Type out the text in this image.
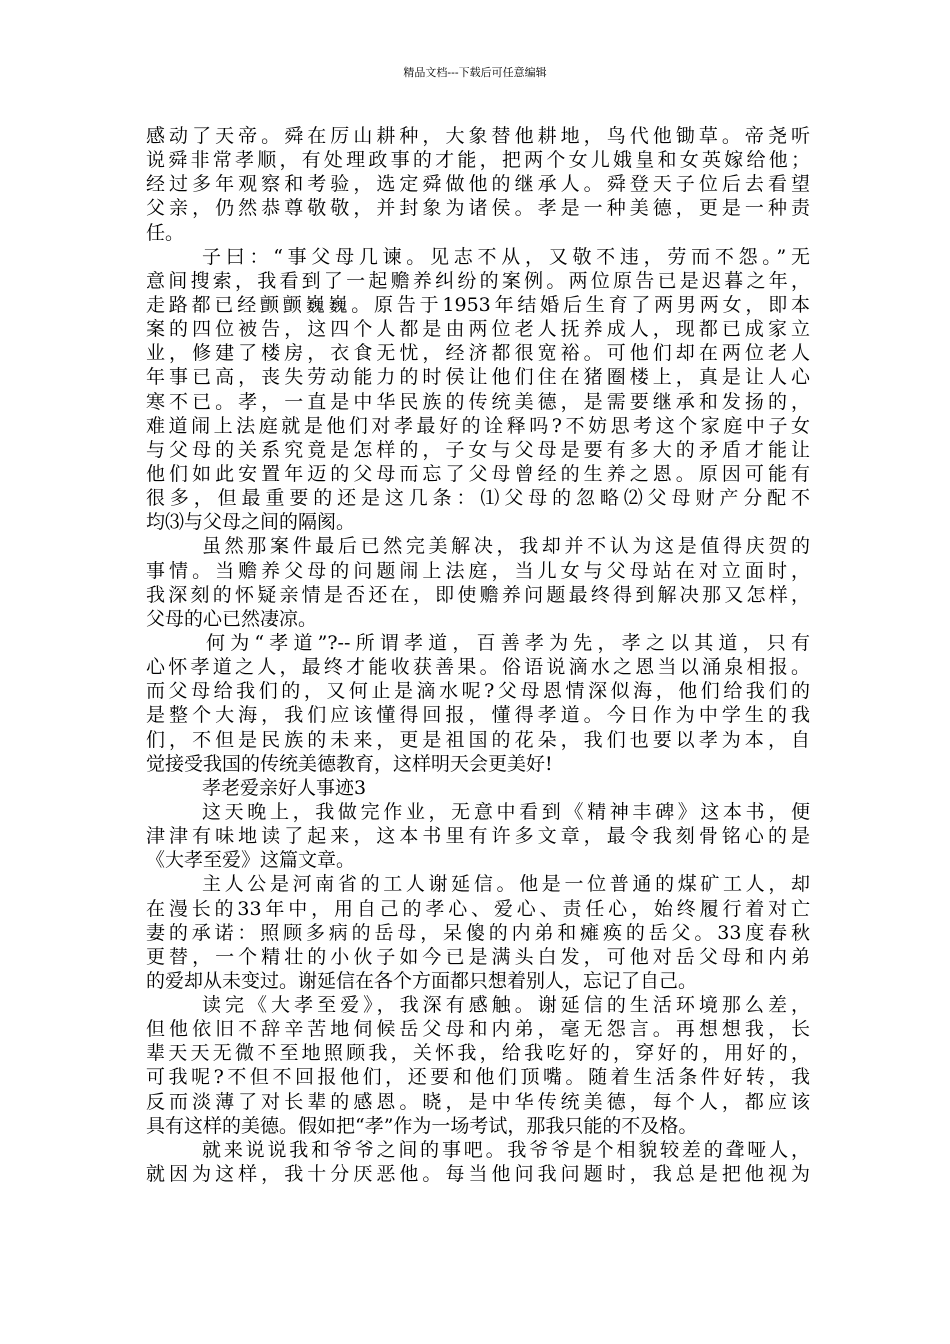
精品文档---下载后可任意编辑
感动了天帝。舜在厉山耕种，大象替他耕地，鸟代他锄草。帝尧听
说舜非常孝顺，有处理政事的才能，把两个女儿娥皇和女英嫁给他；
经过多年观察和考验，选定舜做他的继承人。舜登天子位后去看望
父亲，仍然恭尊敬敬，并封象为诸侯。孝是一种美德，更是一种责
任。
子曰：“事父母几谏。见志不从，又敬不违，劳而不怨。”无
意间搜索，我看到了一起赡养纠纷的案例。两位原告已是迟暮之年，
走路都已经颤颤巍巍。原告于1953年结婚后生育了两男两女，即本
案的四位被告，这四个人都是由两位老人抚养成人，现都已成家立
业，修建了楼房，衣食无忧，经济都很宽裕。可他们却在两位老人
年事已高，丧失劳动能力的时侯让他们住在猪圈楼上，真是让人心
寒不已。孝，一直是中华民族的传统美德，是需要继承和发扬的，
难道闹上法庭就是他们对孝最好的诠释吗?不妨思考这个家庭中子女
与父母的关系究竟是怎样的，子女与父母是要有多大的矛盾才能让
他们如此安置年迈的父母而忘了父母曾经的生养之恩。原因可能有
很多，但最重要的还是这几条：⑴父母的忽略⑵父母财产分配不
均⑶与父母之间的隔阂。
虽然那案件最后已然完美解决，我却并不认为这是值得庆贺的
事情。当赡养父母的问题闹上法庭，当儿女与父母站在对立面时，
我深刻的怀疑亲情是否还在，即使赡养问题最终得到解决那又怎样，
父母的心已然凄凉。
何为“孝道”?--所谓孝道，百善孝为先，孝之以其道，只有
心怀孝道之人，最终才能收获善果。俗语说滴水之恩当以涌泉相报。
而父母给我们的，又何止是滴水呢?父母恩情深似海，他们给我们的
是整个大海，我们应该懂得回报，懂得孝道。今日作为中学生的我
们，不但是民族的未来，更是祖国的花朵，我们也要以孝为本，自
觉接受我国的传统美德教育，这样明天会更美好!
孝老爱亲好人事迹3
这天晚上，我做完作业，无意中看到《精神丰碑》这本书，便
津津有味地读了起来，这本书里有许多文章，最令我刻骨铭心的是
《大孝至爱》这篇文章。
主人公是河南省的工人谢延信。他是一位普通的煤矿工人，却
在漫长的33年中，用自己的孝心、爱心、责任心，始终履行着对亡
妻的承诺：照顾多病的岳母，呆傻的内弟和瘫痪的岳父。33度春秋
更替，一个精壮的小伙子如今已是满头白发，可他对岳父母和内弟
的爱却从未变过。谢延信在各个方面都只想着别人，忘记了自己。
读完《大孝至爱》，我深有感触。谢延信的生活环境那么差，
但他依旧不辞辛苦地伺候岳父母和内弟，毫无怨言。再想想我，长
辈天天无微不至地照顾我，关怀我，给我吃好的，穿好的，用好的，
可我呢?不但不回报他们，还要和他们顶嘴。随着生活条件好转，我
反而淡薄了对长辈的感恩。晓，是中华传统美德，每个人，都应该
具有这样的美德。假如把“孝”作为一场考试，那我只能的不及格。
就来说说我和爷爷之间的事吧。我爷爷是个相貌较差的聋哑人，
就因为这样，我十分厌恶他。每当他问我问题时，我总是把他视为
